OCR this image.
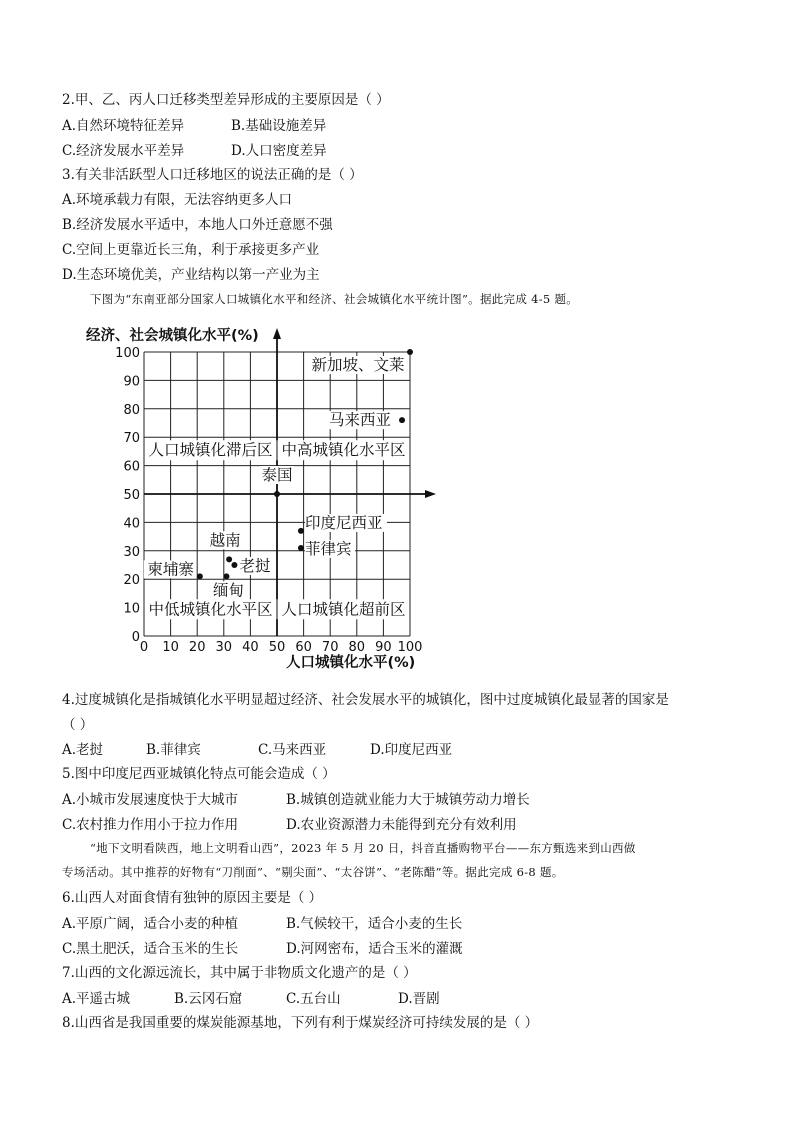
2.甲、乙、丙人口迁移类型差异形成的主要原因是（ ）
A.自然环境特征差异	B.基础设施差异
C.经济发展水平差异	D.人口密度差异
3.有关非活跃型人口迁移地区的说法正确的是（ ）
A.环境承载力有限，无法容纳更多人口
B.经济发展水平适中，本地人口外迁意愿不强
C.空间上更靠近长三角，利于承接更多产业
D.生态环境优美，产业结构以第一产业为主
下图为“东南亚部分国家人口城镇化水平和经济、社会城镇化水平统计图”。据此完成 4-5 题。
经济、社会城镇化水平(%)
人口城镇化水平(%)
0 10 20 30 40 50 60 70 80 90 100
0
10
20
30
40
50
60
70
80
90
100
人口城镇化滞后区 中高城镇化水平区
中低城镇化水平区 人口城镇化超前区
新加坡、文莱
马来西亚
泰国
印度尼西亚
菲律宾
越南
老挝
柬埔寨
缅甸
4.过度城镇化是指城镇化水平明显超过经济、社会发展水平的城镇化，图中过度城镇化最显著的国家是
（ ）
A.老挝	B.菲律宾	C.马来西亚	D.印度尼西亚
5.图中印度尼西亚城镇化特点可能会造成（ ）
A.小城市发展速度快于大城市	B.城镇创造就业能力大于城镇劳动力增长
C.农村推力作用小于拉力作用	D.农业资源潜力未能得到充分有效利用
“地下文明看陕西，地上文明看山西”，2023 年 5 月 20 日，抖音直播购物平台——东方甄选来到山西做
专场活动。其中推荐的好物有“刀削面”、“剔尖面”、“太谷饼”、“老陈醋”等。据此完成 6-8 题。
6.山西人对面食情有独钟的原因主要是（ ）
A.平原广阔，适合小麦的种植	B.气候较干，适合小麦的生长
C.黑土肥沃，适合玉米的生长	D.河网密布，适合玉米的灌溉
7.山西的文化源远流长，其中属于非物质文化遗产的是（ ）
A.平遥古城	B.云冈石窟	C.五台山	D.晋剧
8.山西省是我国重要的煤炭能源基地，下列有利于煤炭经济可持续发展的是（ ）
